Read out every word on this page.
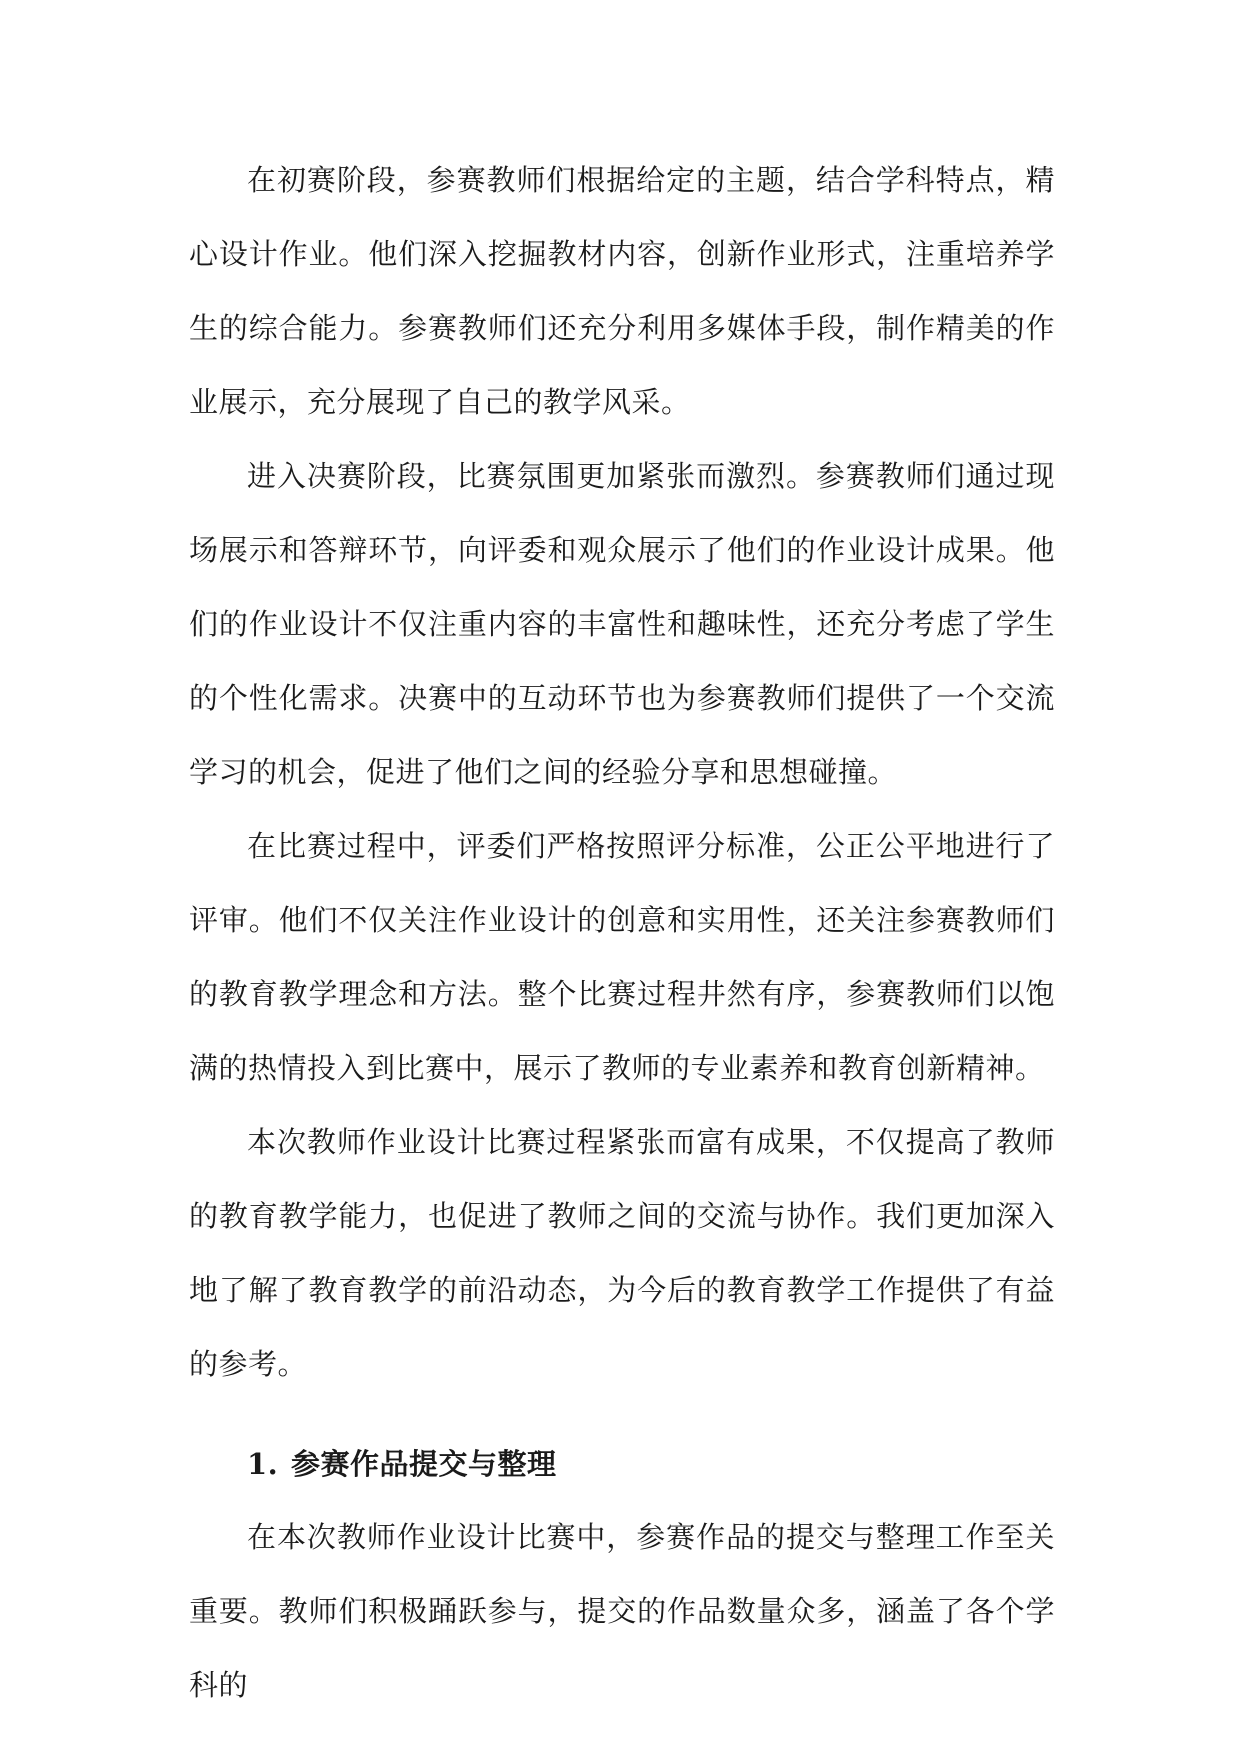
在初赛阶段，参赛教师们根据给定的主题，结合学科特点，精心设计作业。他们深入挖掘教材内容，创新作业形式，注重培养学生的综合能力。参赛教师们还充分利用多媒体手段，制作精美的作业展示，充分展现了自己的教学风采。

进入决赛阶段，比赛氛围更加紧张而激烈。参赛教师们通过现场展示和答辩环节，向评委和观众展示了他们的作业设计成果。他们的作业设计不仅注重内容的丰富性和趣味性，还充分考虑了学生的个性化需求。决赛中的互动环节也为参赛教师们提供了一个交流学习的机会，促进了他们之间的经验分享和思想碰撞。

在比赛过程中，评委们严格按照评分标准，公正公平地进行了评审。他们不仅关注作业设计的创意和实用性，还关注参赛教师们的教育教学理念和方法。整个比赛过程井然有序，参赛教师们以饱满的热情投入到比赛中，展示了教师的专业素养和教育创新精神。

本次教师作业设计比赛过程紧张而富有成果，不仅提高了教师的教育教学能力，也促进了教师之间的交流与协作。我们更加深入地了解了教育教学的前沿动态，为今后的教育教学工作提供了有益的参考。

1. 参赛作品提交与整理

在本次教师作业设计比赛中，参赛作品的提交与整理工作至关重要。教师们积极踊跃参与，提交的作品数量众多，涵盖了各个学科的
